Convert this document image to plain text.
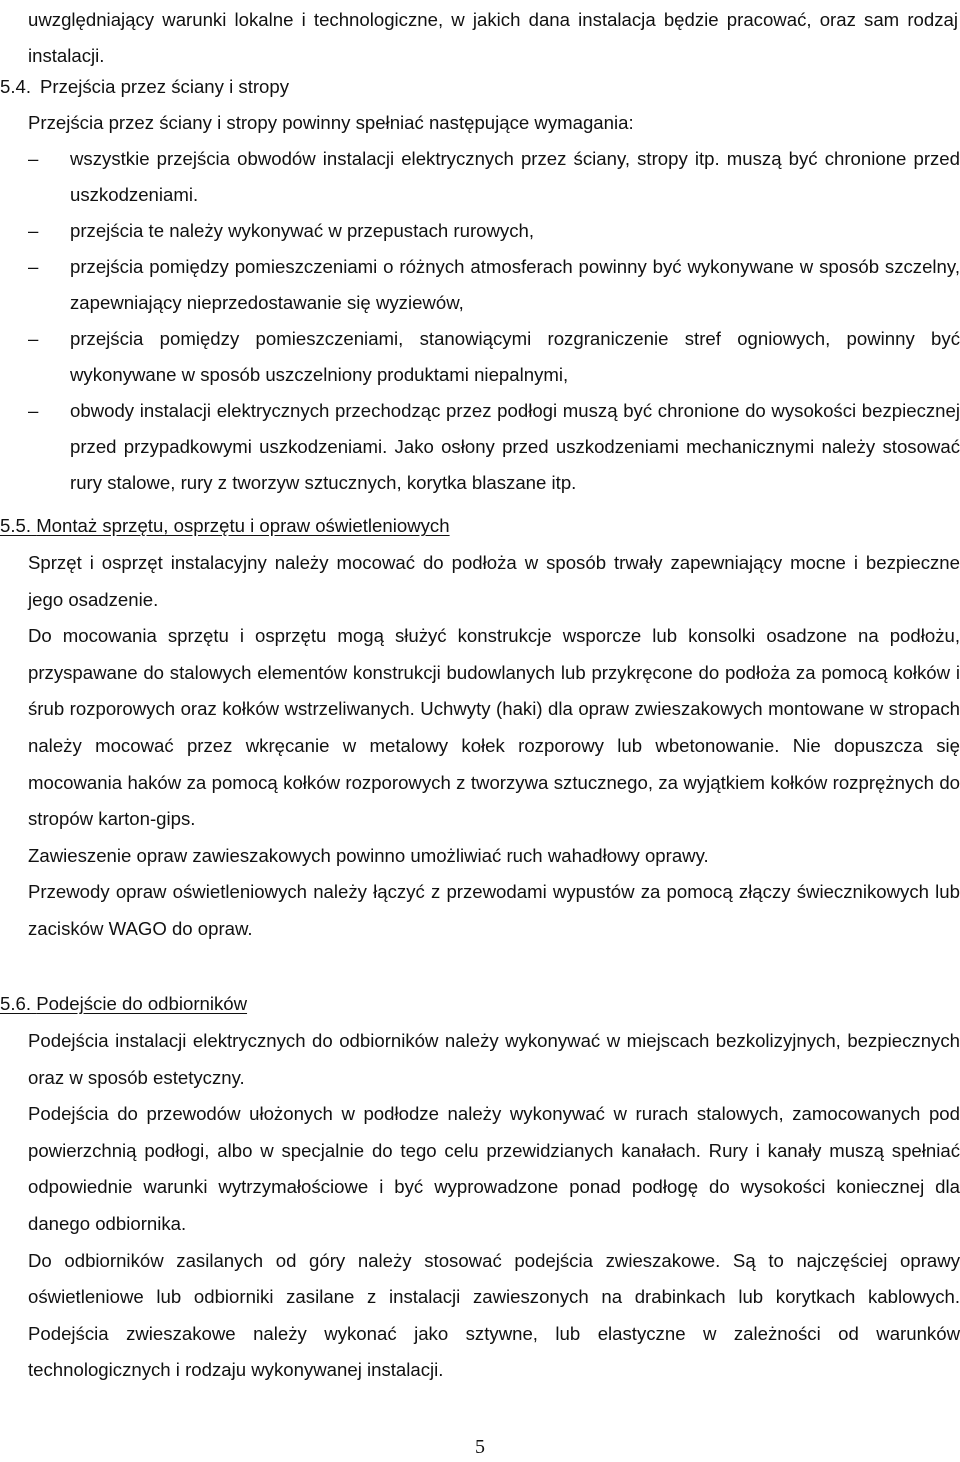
uwzględniający warunki lokalne i technologiczne, w jakich dana instalacja będzie pracować, oraz sam rodzaj instalacji.

5.4. Przejścia przez ściany i stropy

Przejścia przez ściany i stropy powinny spełniać następujące wymagania:

–	wszystkie przejścia obwodów instalacji elektrycznych przez ściany, stropy itp. muszą być chronione przed uszkodzeniami.
–	przejścia te należy wykonywać w przepustach rurowych,
–	przejścia pomiędzy pomieszczeniami o różnych atmosferach powinny być wykonywane w sposób szczelny, zapewniający nieprzedostawanie się wyziewów,
–	przejścia pomiędzy pomieszczeniami, stanowiącymi rozgraniczenie stref ogniowych, powinny być wykonywane w sposób uszczelniony produktami niepalnymi,
–	obwody instalacji elektrycznych przechodząc przez podłogi muszą być chronione do wysokości bezpiecznej przed przypadkowymi uszkodzeniami. Jako osłony przed uszkodzeniami mechanicznymi należy stosować rury stalowe, rury z tworzyw sztucznych, korytka blaszane itp.
5.5. Montaż sprzętu, osprzętu i opraw oświetleniowych

Sprzęt i osprzęt instalacyjny należy mocować do podłoża w sposób trwały zapewniający mocne i bezpieczne jego osadzenie.

Do mocowania sprzętu i osprzętu mogą służyć konstrukcje wsporcze lub konsolki osadzone na podłożu, przyspawane do stalowych elementów konstrukcji budowlanych lub przykręcone do podłoża za pomocą kołków i śrub rozporowych oraz kołków wstrzeliwanych. Uchwyty (haki) dla opraw zwieszakowych montowane w stropach należy mocować przez wkręcanie w metalowy kołek rozporowy lub wbetonowanie. Nie dopuszcza się mocowania haków za pomocą kołków rozporowych z tworzywa sztucznego, za wyjątkiem kołków rozprężnych do stropów karton-gips.

Zawieszenie opraw zawieszakowych powinno umożliwiać ruch wahadłowy oprawy.

Przewody opraw oświetleniowych należy łączyć z przewodami wypustów za pomocą złączy świecznikowych lub zacisków WAGO do opraw.

5.6. Podejście do odbiorników

Podejścia instalacji elektrycznych do odbiorników należy wykonywać w miejscach bezkolizyjnych, bezpiecznych oraz w sposób estetyczny.

Podejścia do przewodów ułożonych w podłodze należy wykonywać w rurach stalowych, zamocowanych pod powierzchnią podłogi, albo w specjalnie do tego celu przewidzianych kanałach. Rury i kanały muszą spełniać odpowiednie warunki wytrzymałościowe i być wyprowadzone ponad podłogę do wysokości koniecznej dla danego odbiornika.

Do odbiorników zasilanych od góry należy stosować podejścia zwieszakowe. Są to najczęściej oprawy oświetleniowe lub odbiorniki zasilane z instalacji zawieszonych na drabinkach lub korytkach kablowych. Podejścia zwieszakowe należy wykonać jako sztywne, lub elastyczne w zależności od warunków technologicznych i rodzaju wykonywanej instalacji.

5
